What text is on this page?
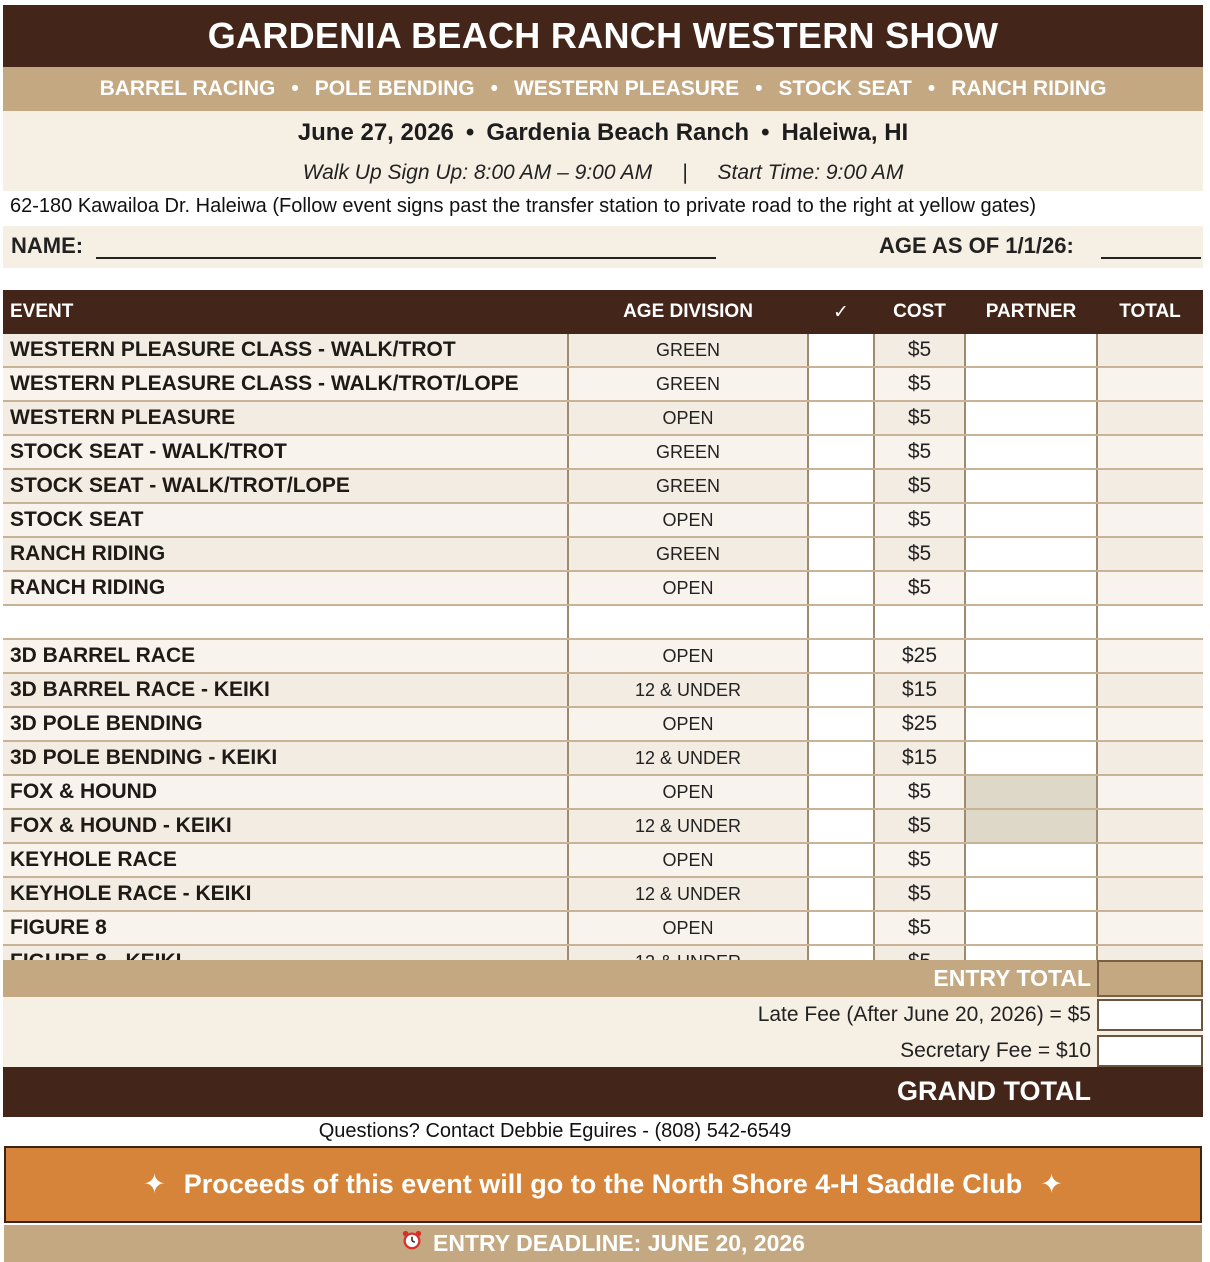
GARDENIA BEACH RANCH WESTERN SHOW
BARREL RACING • POLE BENDING • WESTERN PLEASURE • STOCK SEAT • RANCH RIDING
June 27, 2026 • Gardenia Beach Ranch • Haleiwa, HI
Walk Up Sign Up: 8:00 AM – 9:00 AM | Start Time: 9:00 AM
62-180 Kawailoa Dr. Haleiwa (Follow event signs past the transfer station to private road to the right at yellow gates)
NAME:	AGE AS OF 1/1/26:
EVENT	AGE DIVISION	✓	COST	PARTNER	TOTAL
WESTERN PLEASURE CLASS - WALK/TROT	GREEN		$5		
WESTERN PLEASURE CLASS - WALK/TROT/LOPE	GREEN		$5		
WESTERN PLEASURE	OPEN		$5		
STOCK SEAT - WALK/TROT	GREEN		$5		
STOCK SEAT - WALK/TROT/LOPE	GREEN		$5		
STOCK SEAT	OPEN		$5		
RANCH RIDING	GREEN		$5		
RANCH RIDING	OPEN		$5		

3D BARREL RACE	OPEN		$25		
3D BARREL RACE - KEIKI	12 & UNDER		$15		
3D POLE BENDING	OPEN		$25		
3D POLE BENDING - KEIKI	12 & UNDER		$15		
FOX & HOUND	OPEN		$5		
FOX & HOUND - KEIKI	12 & UNDER		$5		
KEYHOLE RACE	OPEN		$5		
KEYHOLE RACE - KEIKI	12 & UNDER		$5		
FIGURE 8	OPEN		$5		

ENTRY TOTAL
Late Fee (After June 20, 2026) = $5
Secretary Fee = $10
GRAND TOTAL
Questions? Contact Debbie Eguires - (808) 542-6549
✦ Proceeds of this event will go to the North Shore 4-H Saddle Club ✦
ENTRY DEADLINE: JUNE 20, 2026
